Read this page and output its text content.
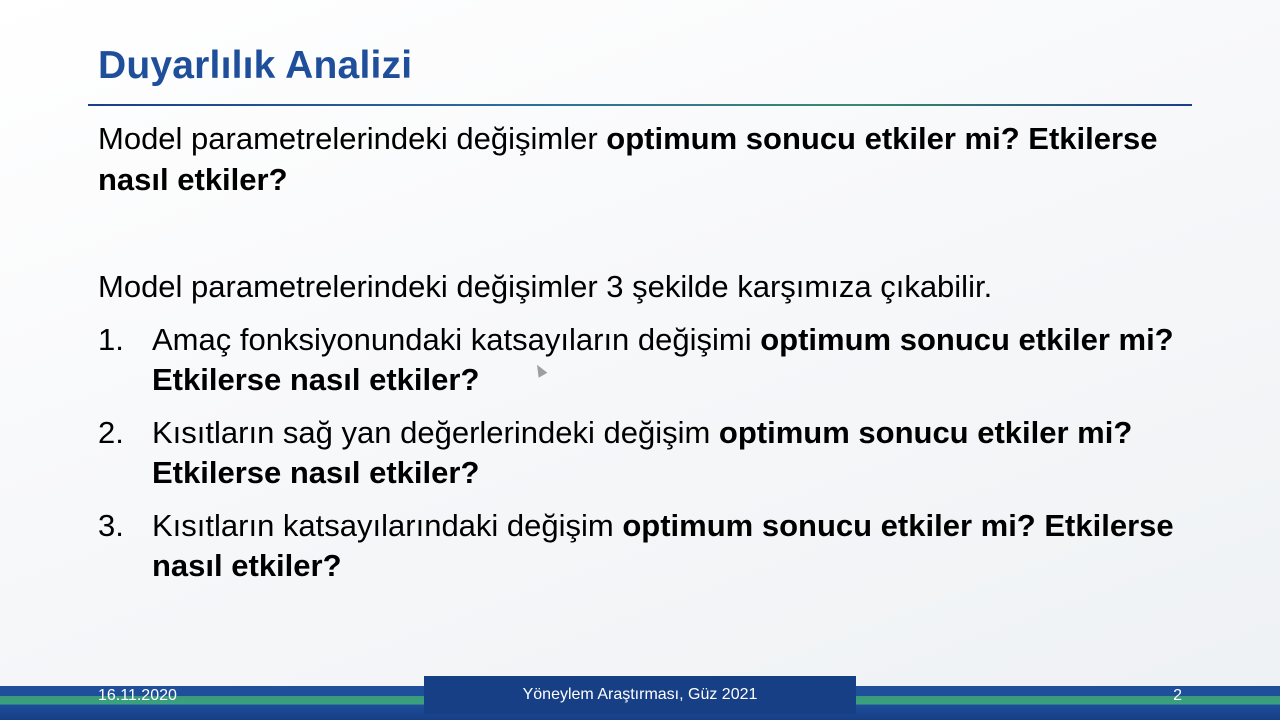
Duyarlılık Analizi

Model parametrelerindeki değişimler optimum sonucu etkiler mi? Etkilerse nasıl etkiler?

Model parametrelerindeki değişimler 3 şekilde karşımıza çıkabilir.

1. Amaç fonksiyonundaki katsayıların değişimi optimum sonucu etkiler mi? Etkilerse nasıl etkiler?
2. Kısıtların sağ yan değerlerindeki değişim optimum sonucu etkiler mi? Etkilerse nasıl etkiler?
3. Kısıtların katsayılarındaki değişim optimum sonucu etkiler mi? Etkilerse nasıl etkiler?
Yöneylem Araştırması, Güz 2021
16.11.2020	2
